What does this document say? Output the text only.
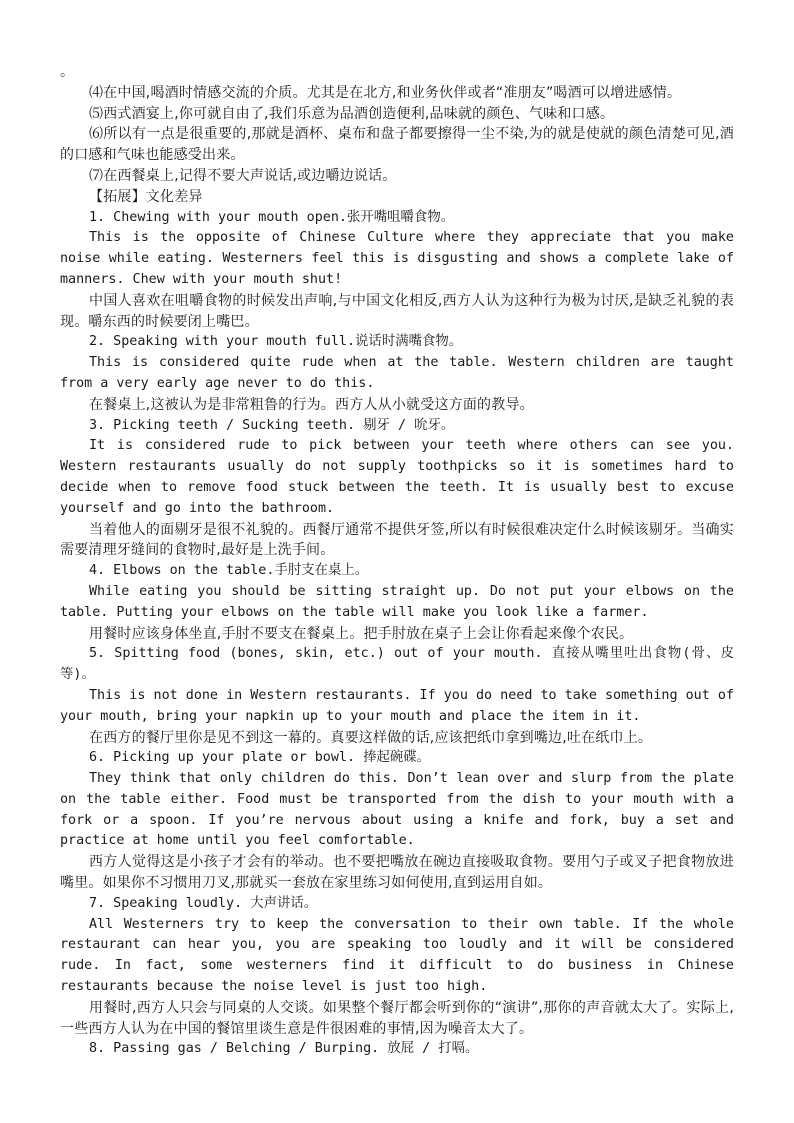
。

⑷在中国,喝酒时情感交流的介质。尤其是在北方,和业务伙伴或者“准朋友”喝酒可以增进感情。

⑸西式酒宴上,你可就自由了,我们乐意为品酒创造便利,品味就的颜色、气味和口感。

⑹所以有一点是很重要的,那就是酒杯、桌布和盘子都要擦得一尘不染,为的就是使就的颜色清楚可见,酒的口感和气味也能感受出来。

⑺在西餐桌上,记得不要大声说话,或边嚼边说话。

【拓展】文化差异

1. Chewing with your mouth open.张开嘴咀嚼食物。

This is the opposite of Chinese Culture where they appreciate that you make noise while eating. Westerners feel this is disgusting and shows a complete lake of manners. Chew with your mouth shut!

中国人喜欢在咀嚼食物的时候发出声响,与中国文化相反,西方人认为这种行为极为讨厌,是缺乏礼貌的表现。嚼东西的时候要闭上嘴巴。

2. Speaking with your mouth full.说话时满嘴食物。

This is considered quite rude when at the table. Western children are taught from a very early age never to do this.

在餐桌上,这被认为是非常粗鲁的行为。西方人从小就受这方面的教导。

3. Picking teeth / Sucking teeth. 剔牙 / 吮牙。

It is considered rude to pick between your teeth where others can see you. Western restaurants usually do not supply toothpicks so it is sometimes hard to decide when to remove food stuck between the teeth. It is usually best to excuse yourself and go into the bathroom.

当着他人的面剔牙是很不礼貌的。西餐厅通常不提供牙签,所以有时候很难决定什么时候该剔牙。当确实需要清理牙缝间的食物时,最好是上洗手间。

4. Elbows on the table.手肘支在桌上。

While eating you should be sitting straight up. Do not put your elbows on the table. Putting your elbows on the table will make you look like a farmer.

用餐时应该身体坐直,手肘不要支在餐桌上。把手肘放在桌子上会让你看起来像个农民。

5. Spitting food (bones, skin, etc.) out of your mouth. 直接从嘴里吐出食物(骨、皮等)。

This is not done in Western restaurants. If you do need to take something out of your mouth, bring your napkin up to your mouth and place the item in it.

在西方的餐厅里你是见不到这一幕的。真要这样做的话,应该把纸巾拿到嘴边,吐在纸巾上。

6. Picking up your plate or bowl. 捧起碗碟。

They think that only children do this. Don’t lean over and slurp from the plate on the table either. Food must be transported from the dish to your mouth with a fork or a spoon. If you’re nervous about using a knife and fork, buy a set and practice at home until you feel comfortable.

西方人觉得这是小孩子才会有的举动。也不要把嘴放在碗边直接吸取食物。要用勺子或叉子把食物放进嘴里。如果你不习惯用刀叉,那就买一套放在家里练习如何使用,直到运用自如。

7. Speaking loudly. 大声讲话。

All Westerners try to keep the conversation to their own table. If the whole restaurant can hear you, you are speaking too loudly and it will be considered rude. In fact, some westerners find it difficult to do business in Chinese restaurants because the noise level is just too high.

用餐时,西方人只会与同桌的人交谈。如果整个餐厅都会听到你的“演讲”,那你的声音就太大了。实际上,一些西方人认为在中国的餐馆里谈生意是件很困难的事情,因为噪音太大了。

8. Passing gas / Belching / Burping. 放屁 / 打嗝。
